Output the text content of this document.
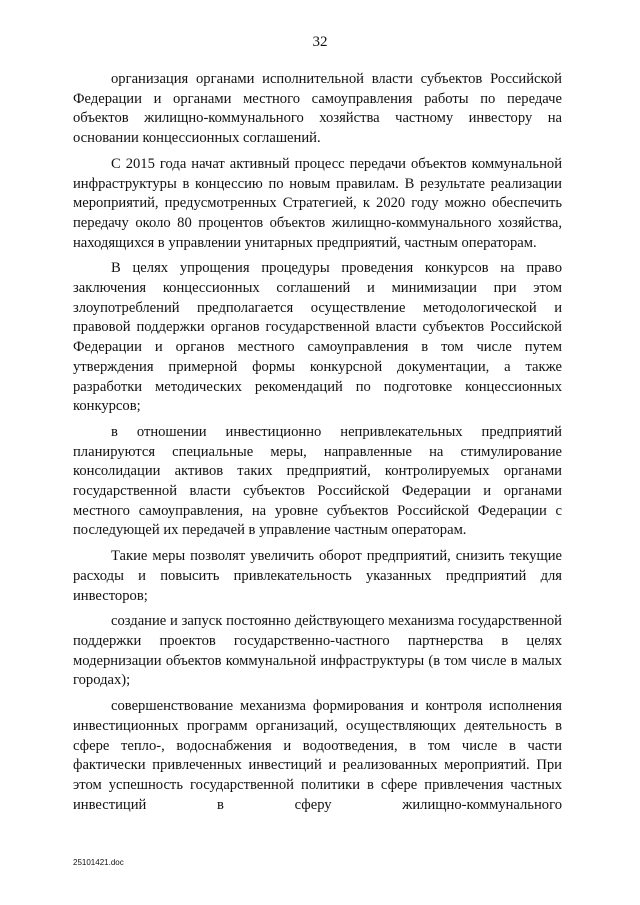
32

организация органами исполнительной власти субъектов Российской Федерации и органами местного самоуправления работы по передаче объектов жилищно-коммунального хозяйства частному инвестору на основании концессионных соглашений.

С 2015 года начат активный процесс передачи объектов коммунальной инфраструктуры в концессию по новым правилам. В результате реализации мероприятий, предусмотренных Стратегией, к 2020 году можно обеспечить передачу около 80 процентов объектов жилищно-коммунального хозяйства, находящихся в управлении унитарных предприятий, частным операторам.

В целях упрощения процедуры проведения конкурсов на право заключения концессионных соглашений и минимизации при этом злоупотреблений предполагается осуществление методологической и правовой поддержки органов государственной власти субъектов Российской Федерации и органов местного самоуправления в том числе путем утверждения примерной формы конкурсной документации, а также разработки методических рекомендаций по подготовке концессионных конкурсов;

в отношении инвестиционно непривлекательных предприятий планируются специальные меры, направленные на стимулирование консолидации активов таких предприятий, контролируемых органами государственной власти субъектов Российской Федерации и органами местного самоуправления, на уровне субъектов Российской Федерации с последующей их передачей в управление частным операторам.

Такие меры позволят увеличить оборот предприятий, снизить текущие расходы и повысить привлекательность указанных предприятий для инвесторов;

создание и запуск постоянно действующего механизма государственной поддержки проектов государственно-частного партнерства в целях модернизации объектов коммунальной инфраструктуры (в том числе в малых городах);

совершенствование механизма формирования и контроля исполнения инвестиционных программ организаций, осуществляющих деятельность в сфере тепло-, водоснабжения и водоотведения, в том числе в части фактически привлеченных инвестиций и реализованных мероприятий. При этом успешность государственной политики в сфере привлечения частных инвестиций в сферу жилищно-коммунального

25101421.doc
